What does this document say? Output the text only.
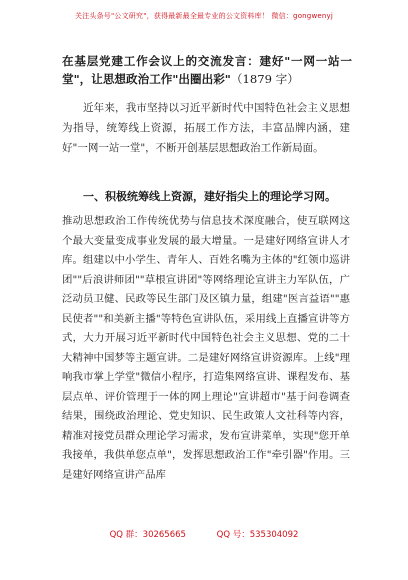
关注头条号"公文研究"，获得最新最全最专业的公文资料库！ 微信：gongwenyj
在基层党建工作会议上的交流发言：建好"一网一站一堂"，让思想政治工作"出圈出彩"（1879 字）
近年来，我市坚持以习近平新时代中国特色社会主义思想为指导，统筹线上资源，拓展工作方法，丰富品牌内涵，建好"一网一站一堂"，不断开创基层思想政治工作新局面。
一、积极统筹线上资源，建好指尖上的理论学习网。
推动思想政治工作传统优势与信息技术深度融合，使互联网这个最大变量变成事业发展的最大增量。一是建好网络宣讲人才库。组建以中小学生、青年人、百姓名嘴为主体的"红领巾巡讲团""后浪讲师团""草根宣讲团"等网络理论宣讲主力军队伍，广泛动员卫健、民政等民生部门及区镇力量，组建"医言益语""惠民使者""和美新主播"等特色宣讲队伍，采用线上直播宣讲等方式，大力开展习近平新时代中国特色社会主义思想、党的二十大精神中国梦等主题宣讲。二是建好网络宣讲资源库。上线"理响我市掌上学堂"微信小程序，打造集网络宣讲、课程发布、基层点单、评价管理于一体的网上理论"宣讲超市"基于问卷调查结果，围绕政治理论、党史知识、民生政策人文社科等内容，精准对接党员群众理论学习需求，发布宣讲菜单，实现"您开单我接单，我供单您点单"，发挥思想政治工作"牵引器"作用。三是建好网络宣讲产品库
QQ 群：30265665	QQ 号：535304092
